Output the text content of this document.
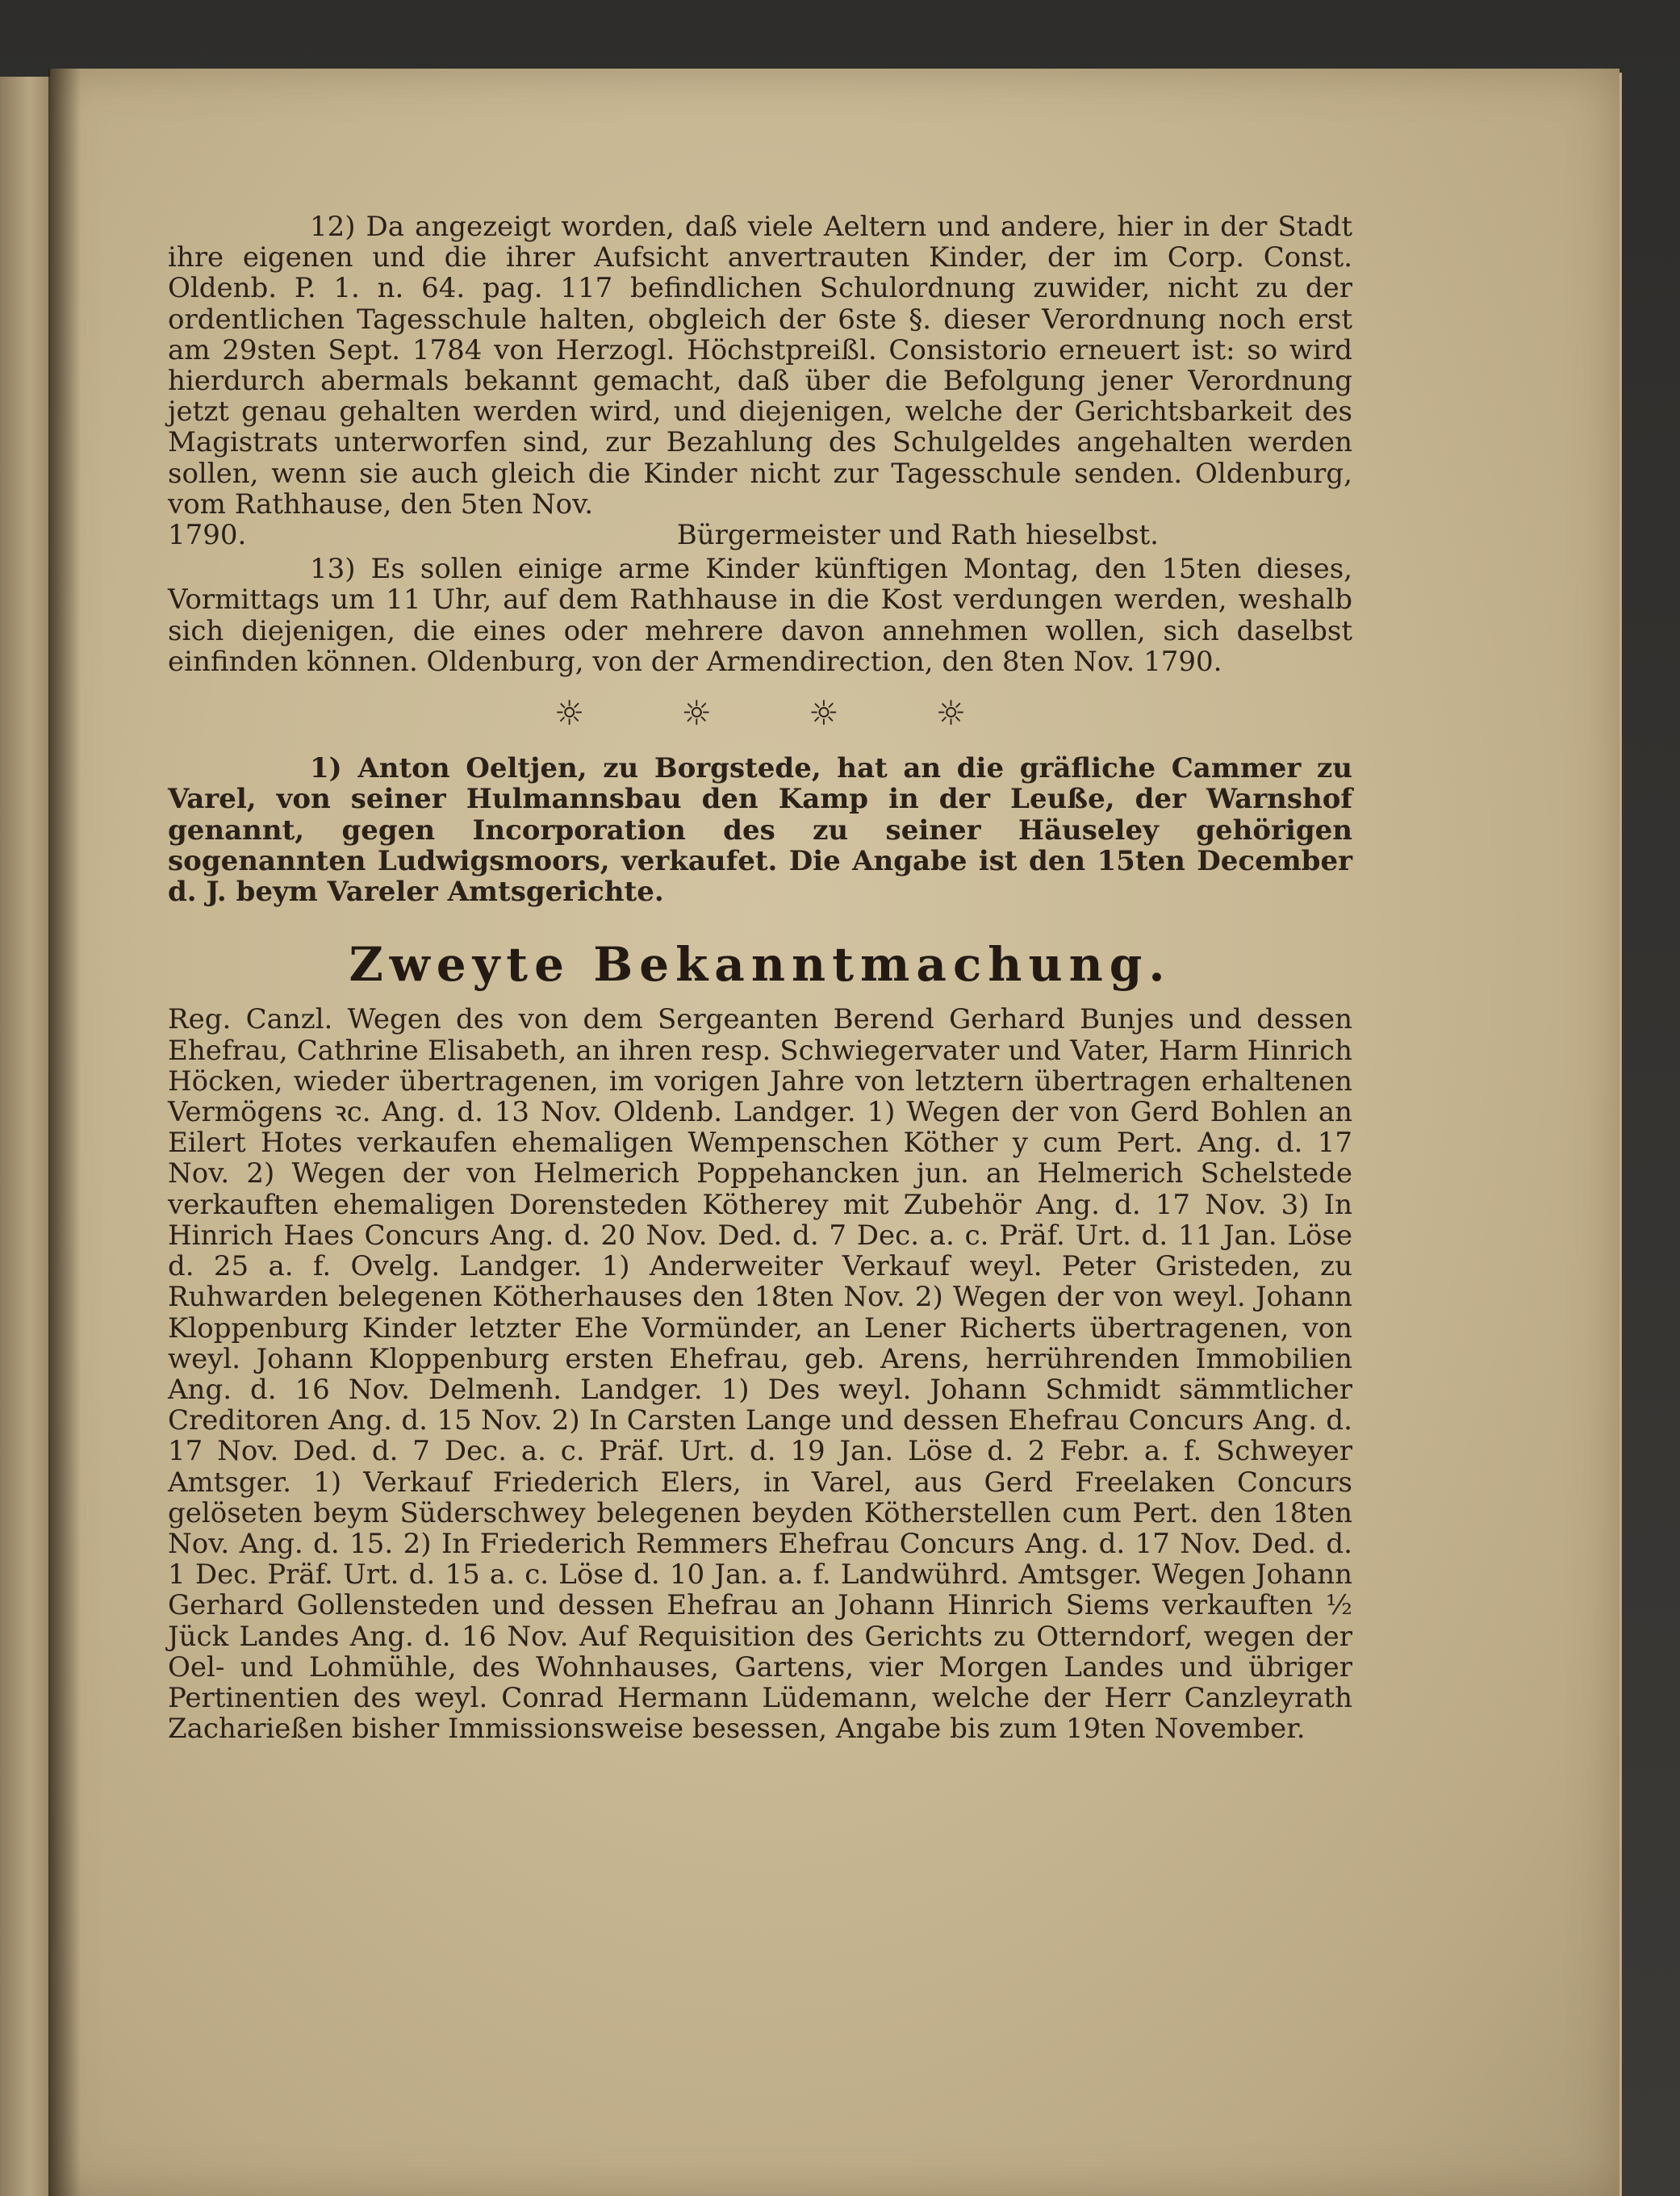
12) Da angezeigt worden, daß viele Aeltern und andere, hier in der Stadt ihre eigenen und die ihrer Aufsicht anvertrauten Kinder, der im Corp. Const. Oldenb. P. 1. n. 64. pag. 117 befindlichen Schulordnung zuwider, nicht zu der ordentlichen Tagesschule halten, obgleich der 6ste §. dieser Verordnung noch erst am 29sten Sept. 1784 von Herzogl. Höchstpreißl. Consistorio erneuert ist: so wird hierdurch abermals bekannt gemacht, daß über die Befolgung jener Verordnung jetzt genau gehalten werden wird, und diejenigen, welche der Gerichtsbarkeit des Magistrats unterworfen sind, zur Bezahlung des Schulgeldes angehalten werden sollen, wenn sie auch gleich die Kinder nicht zur Tagesschule senden. Oldenburg, vom Rathhause, den 5ten Nov.

1790.	Bürgermeister und Rath hieselbst.

13) Es sollen einige arme Kinder künftigen Montag, den 15ten dieses, Vormittags um 11 Uhr, auf dem Rathhause in die Kost verdungen werden, weshalb sich diejenigen, die eines oder mehrere davon annehmen wollen, sich daselbst einfinden können. Oldenburg, von der Armendirection, den 8ten Nov. 1790.

☼	☼	☼	☼

1) Anton Oeltjen, zu Borgstede, hat an die gräfliche Cammer zu Varel, von seiner Hulmannsbau den Kamp in der Leuße, der Warnshof genannt, gegen Incorporation des zu seiner Häuseley gehörigen sogenannten Ludwigsmoors, verkaufet. Die Angabe ist den 15ten December d. J. beym Vareler Amtsgerichte.

Zweyte Bekanntmachung.

Reg. Canzl. Wegen des von dem Sergeanten Berend Gerhard Bunjes und dessen Ehefrau, Cathrine Elisabeth, an ihren resp. Schwiegervater und Vater, Harm Hinrich Höcken, wieder übertragenen, im vorigen Jahre von letztern übertragen erhaltenen Vermögens ꝛc. Ang. d. 13 Nov. Oldenb. Landger. 1) Wegen der von Gerd Bohlen an Eilert Hotes verkaufen ehemaligen Wempenschen Köther y cum Pert. Ang. d. 17 Nov. 2) Wegen der von Helmerich Poppehancken jun. an Helmerich Schelstede verkauften ehemaligen Dorensteden Kötherey mit Zubehör Ang. d. 17 Nov. 3) In Hinrich Haes Concurs Ang. d. 20 Nov. Ded. d. 7 Dec. a. c. Präf. Urt. d. 11 Jan. Löse d. 25 a. f. Ovelg. Landger. 1) Anderweiter Verkauf weyl. Peter Gristeden, zu Ruhwarden belegenen Kötherhauses den 18ten Nov. 2) Wegen der von weyl. Johann Kloppenburg Kinder letzter Ehe Vormünder, an Lener Richerts übertragenen, von weyl. Johann Kloppenburg ersten Ehefrau, geb. Arens, herrührenden Immobilien Ang. d. 16 Nov. Delmenh. Landger. 1) Des weyl. Johann Schmidt sämmtlicher Creditoren Ang. d. 15 Nov. 2) In Carsten Lange und dessen Ehefrau Concurs Ang. d. 17 Nov. Ded. d. 7 Dec. a. c. Präf. Urt. d. 19 Jan. Löse d. 2 Febr. a. f. Schweyer Amtsger. 1) Verkauf Friederich Elers, in Varel, aus Gerd Freelaken Concurs gelöseten beym Süderschwey belegenen beyden Kötherstellen cum Pert. den 18ten Nov. Ang. d. 15. 2) In Friederich Remmers Ehefrau Concurs Ang. d. 17 Nov. Ded. d. 1 Dec. Präf. Urt. d. 15 a. c. Löse d. 10 Jan. a. f. Landwührd. Amtsger. Wegen Johann Gerhard Gollensteden und dessen Ehefrau an Johann Hinrich Siems verkauften ½ Jück Landes Ang. d. 16 Nov. Auf Requisition des Gerichts zu Otterndorf, wegen der Oel- und Lohmühle, des Wohnhauses, Gartens, vier Morgen Landes und übriger Pertinentien des weyl. Conrad Hermann Lüdemann, welche der Herr Canzleyrath Zacharießen bisher Immissionsweise besessen, Angabe bis zum 19ten November.
